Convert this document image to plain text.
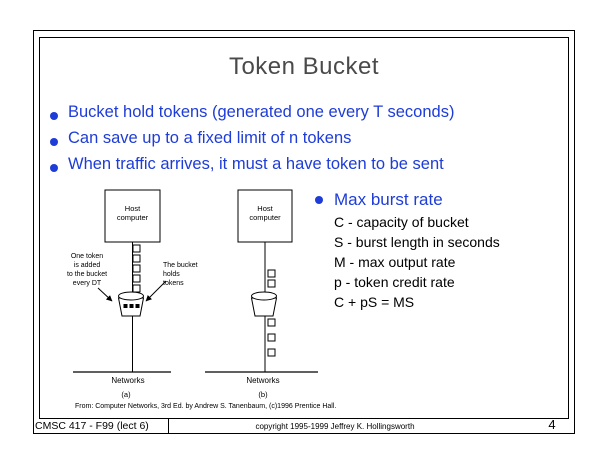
Token Bucket
Bucket hold tokens (generated one every T seconds)
Can save up to a fixed limit of n tokens
When traffic arrives, it must a have token to be sent
Max burst rate
C - capacity of bucket
S - burst length in seconds
M - max output rate
p - token credit rate
C + pS = MS
Host
computer
One token
is added
to the bucket
every DT
The bucket
holds
tokens
Networks
(a)
Host
computer
Networks
(b)
From: Computer Networks, 3rd Ed. by Andrew S. Tanenbaum, (c)1996 Prentice Hall.
CMSC 417 - F99 (lect 6)	copyright 1995-1999 Jeffrey K. Hollingsworth	4
